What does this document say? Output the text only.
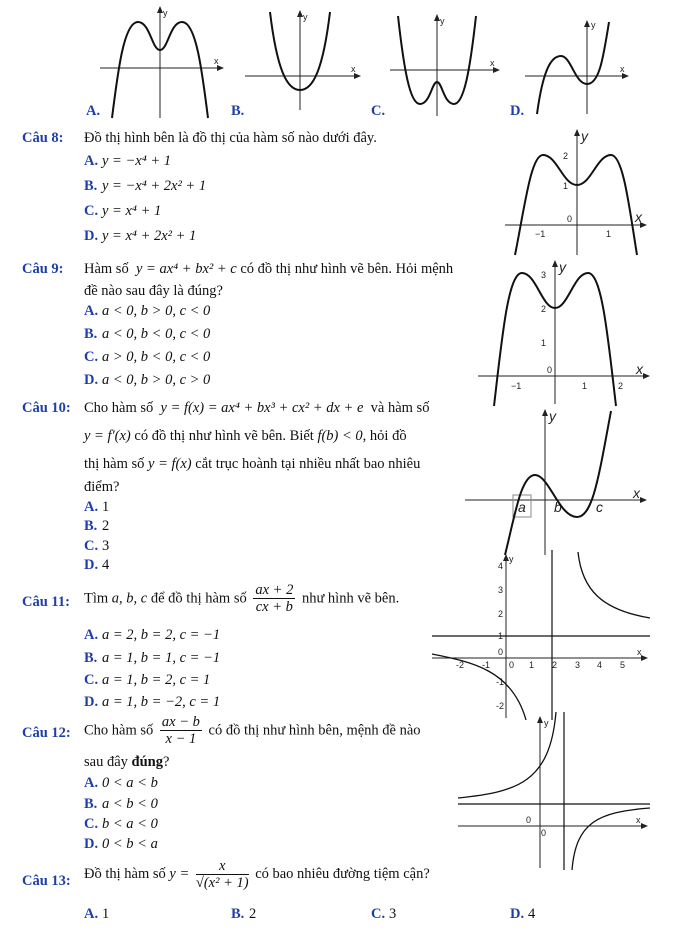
A.	B.	C.	D.
x
y
x
y
x
y
x
y
Câu 8: Đồ thị hình bên là đồ thị của hàm số nào dưới đây.
A. y = −x⁴ + 1
B. y = −x⁴ + 2x² + 1
C. y = x⁴ + 1
D. y = x⁴ + 2x² + 1
x
y
−1
0
1
2
1
Câu 9: Hàm số y = ax⁴ + bx² + c có đồ thị như hình vẽ bên. Hỏi mệnh
đề nào sau đây là đúng?
A. a < 0, b > 0, c < 0
B. a < 0, b < 0, c < 0
C. a > 0, b < 0, c < 0
D. a < 0, b > 0, c > 0
x
y
−1
0
1	2
3
2
1
Câu 10: Cho hàm số y = f(x) = ax⁴ + bx³ + cx² + dx + e và hàm số
y = f′(x) có đồ thị như hình vẽ bên. Biết f(b) < 0, hỏi đồ
thị hàm số y = f(x) cắt trục hoành tại nhiều nhất bao nhiêu
điểm?
A. 1
B. 2
C. 3
D. 4
x
y
a b c
Câu 11: Tìm a, b, c để đồ thị hàm số $\frac{ax + 2}{cx + b}$ như hình vẽ bên.
A. a = 2, b = 2, c = −1
B. a = 1, b = 1, c = −1
C. a = 1, b = 2, c = 1
D. a = 1, b = −2, c = 1
x
y
-2 -1 0 1 2 3 4 5
4
3
2
1
0
-1
-2
Câu 12: Cho hàm số $\frac{ax - b}{x - 1}$ có đồ thị như hình bên, mệnh đề nào
sau đây đúng?
A. 0 < a < b
B. a < b < 0
C. b < a < 0
D. 0 < b < a
x
y
0
0
Câu 13: Đồ thị hàm số $y = \frac{x}{\text{√(x² + 1)}}$ có bao nhiêu đường tiệm cận?
A. 1	B. 2	C. 3	D. 4
